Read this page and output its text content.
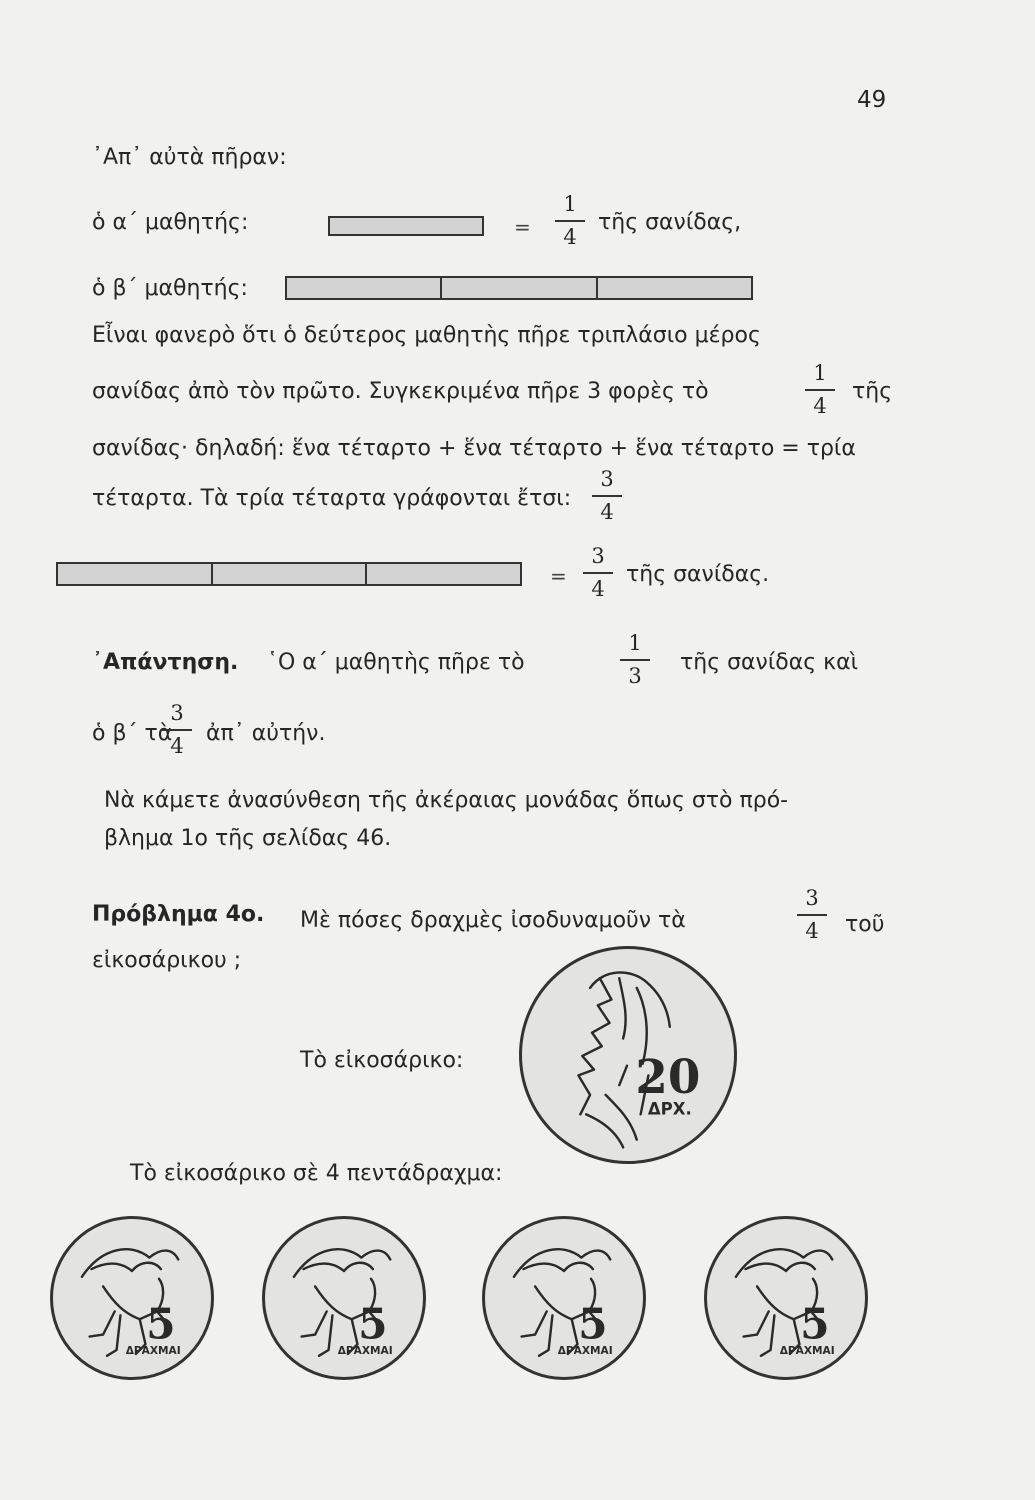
49
᾿Απ᾿ αὐτὰ πῆραν:
ὁ α΄ μαθητής:	=
1
4
τῆς σανίδας,
ὁ β΄ μαθητής:
Εἶναι φανερὸ ὅτι ὁ δεύτερος μαθητὴς πῆρε τριπλάσιο μέρος
σανίδας ἀπὸ τὸν πρῶτο. Συγκεκριμένα πῆρε 3 φορὲς τὸ
1
4
τῆς
σανίδας· δηλαδή: ἕνα τέταρτο + ἕνα τέταρτο + ἕνα τέταρτο = τρία
τέταρτα. Τὰ τρία τέταρτα γράφονται ἔτσι:
3
4
=
3
4
τῆς σανίδας.
᾿Απάντηση. ῾Ο α΄ μαθητὴς πῆρε τὸ
1
3
τῆς σανίδας καὶ
ὁ β΄ τὰ
3
4 ἀπ᾿ αὐτήν.
Νὰ κάμετε ἀνασύνθεση τῆς ἀκέραιας μονάδας ὅπως στὸ πρό-
βλημα 1ο τῆς σελίδας 46.
Πρόβλημα 4ο. Μὲ πόσες δραχμὲς ἰσοδυναμοῦν τὰ
3
4 τοῦ
εἰκοσάρικου ;
Τὸ εἰκοσάρικο:	20
ΔΡΧ.
Τὸ εἰκοσάρικο σὲ 4 πεντάδραχμα:
5
ΔΡΑΧΜΑΙ
5
ΔΡΑΧΜΑΙ
5
ΔΡΑΧΜΑΙ
5
ΔΡΑΧΜΑΙ
